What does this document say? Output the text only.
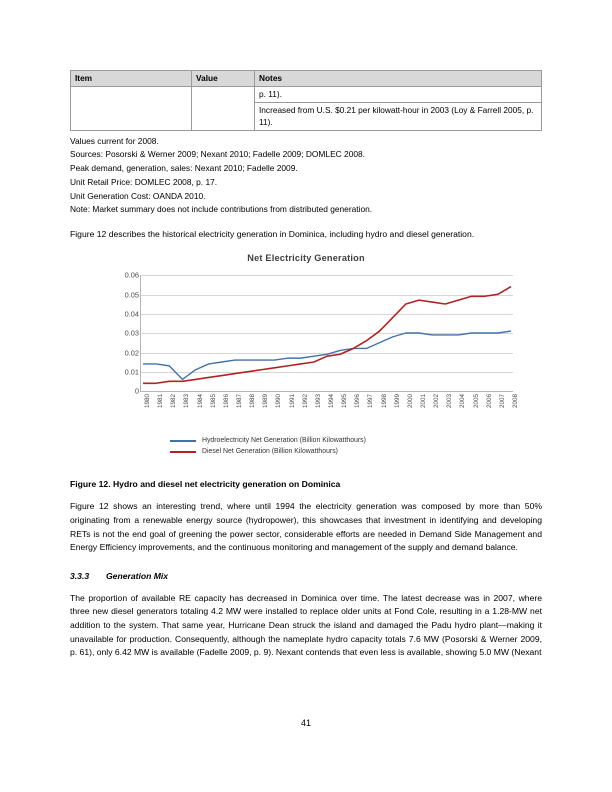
Item	Value	Notes
		p. 11).
		Increased from U.S. $0.21 per kilowatt-hour in 2003 (Loy & Farrell 2005, p. 11).
Values current for 2008.
Sources: Posorski & Werner 2009; Nexant 2010; Fadelle 2009; DOMLEC 2008.
Peak demand, generation, sales: Nexant 2010; Fadelle 2009.
Unit Retail Price: DOMLEC 2008, p. 17.
Unit Generation Cost: OANDA 2010.
Note: Market summary does not include contributions from distributed generation.

Figure 12 describes the historical electricity generation in Dominica, including hydro and diesel generation.

Net Electricity Generation
0
0.01
0.02
0.03
0.04
0.05
0.06
1980 1981 1982 1983 1984 1985 1986 1987 1988 1989 1990 1991 1992 1993 1994 1995 1996 1997 1998 1999 2000 2001 2002 2003 2004 2005 2006 2007 2008
Hydroelectricity Net Generation (Billion Kilowatthours)
Diesel Net Generation (Billion Kilowatthours)

Figure 12. Hydro and diesel net electricity generation on Dominica

Figure 12 shows an interesting trend, where until 1994 the electricity generation was composed by more than 50% originating from a renewable energy source (hydropower), this showcases that investment in identifying and developing RETs is not the end goal of greening the power sector, considerable efforts are needed in Demand Side Management and Energy Efficiency improvements, and the continuous monitoring and management of the supply and demand balance.

3.3.3 Generation Mix

The proportion of available RE capacity has decreased in Dominica over time. The latest decrease was in 2007, where three new diesel generators totaling 4.2 MW were installed to replace older units at Fond Cole, resulting in a 1.28-MW net addition to the system. That same year, Hurricane Dean struck the island and damaged the Padu hydro plant—making it unavailable for production. Consequently, although the nameplate hydro capacity totals 7.6 MW (Posorski & Werner 2009, p. 61), only 6.42 MW is available (Fadelle 2009, p. 9). Nexant contends that even less is available, showing 5.0 MW (Nexant

41
